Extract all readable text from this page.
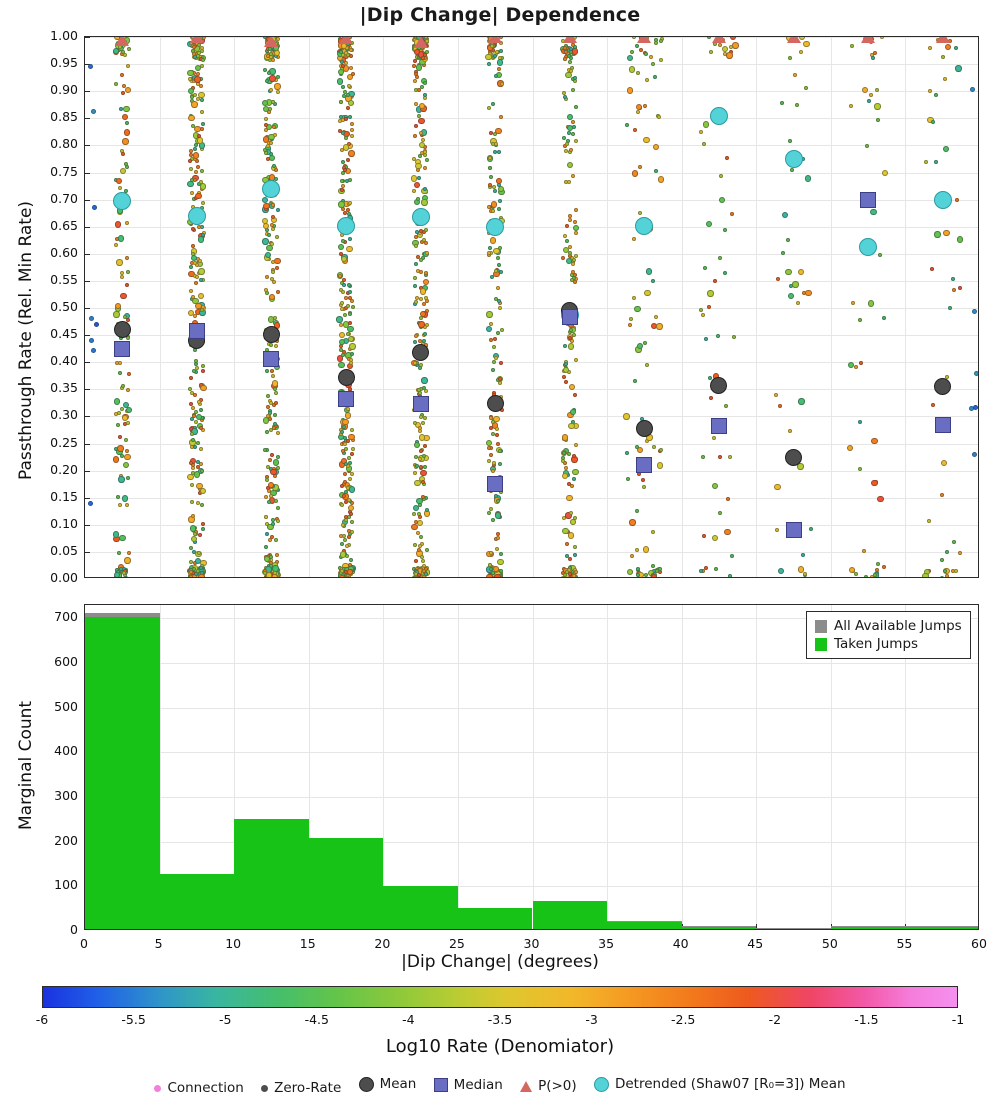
|Dip Change| Dependence
Passthrough Rate (Rel. Min Rate)
Marginal Count
|Dip Change| (degrees)
All Available Jumps
Taken Jumps
Log10 Rate (Denomiator)
Connection
Zero-Rate
	Mean
	Median
	P(>0)
	Detrended (Shaw07 [R₀=3]) Mean
0.00
0.05
0.10
0.15
0.20
0.25
0.30
0.35
0.40
0.45
0.50
0.55
0.60
0.65
0.70
0.75
0.80
0.85
0.90
0.95
1.00
0
100
200
300
400
500
600
700
0	5	10	15	20	25	30	35	40	45	50	55	60
-6	-5.5	-5	-4.5	-4	-3.5	-3	-2.5	-2	-1.5	-1
